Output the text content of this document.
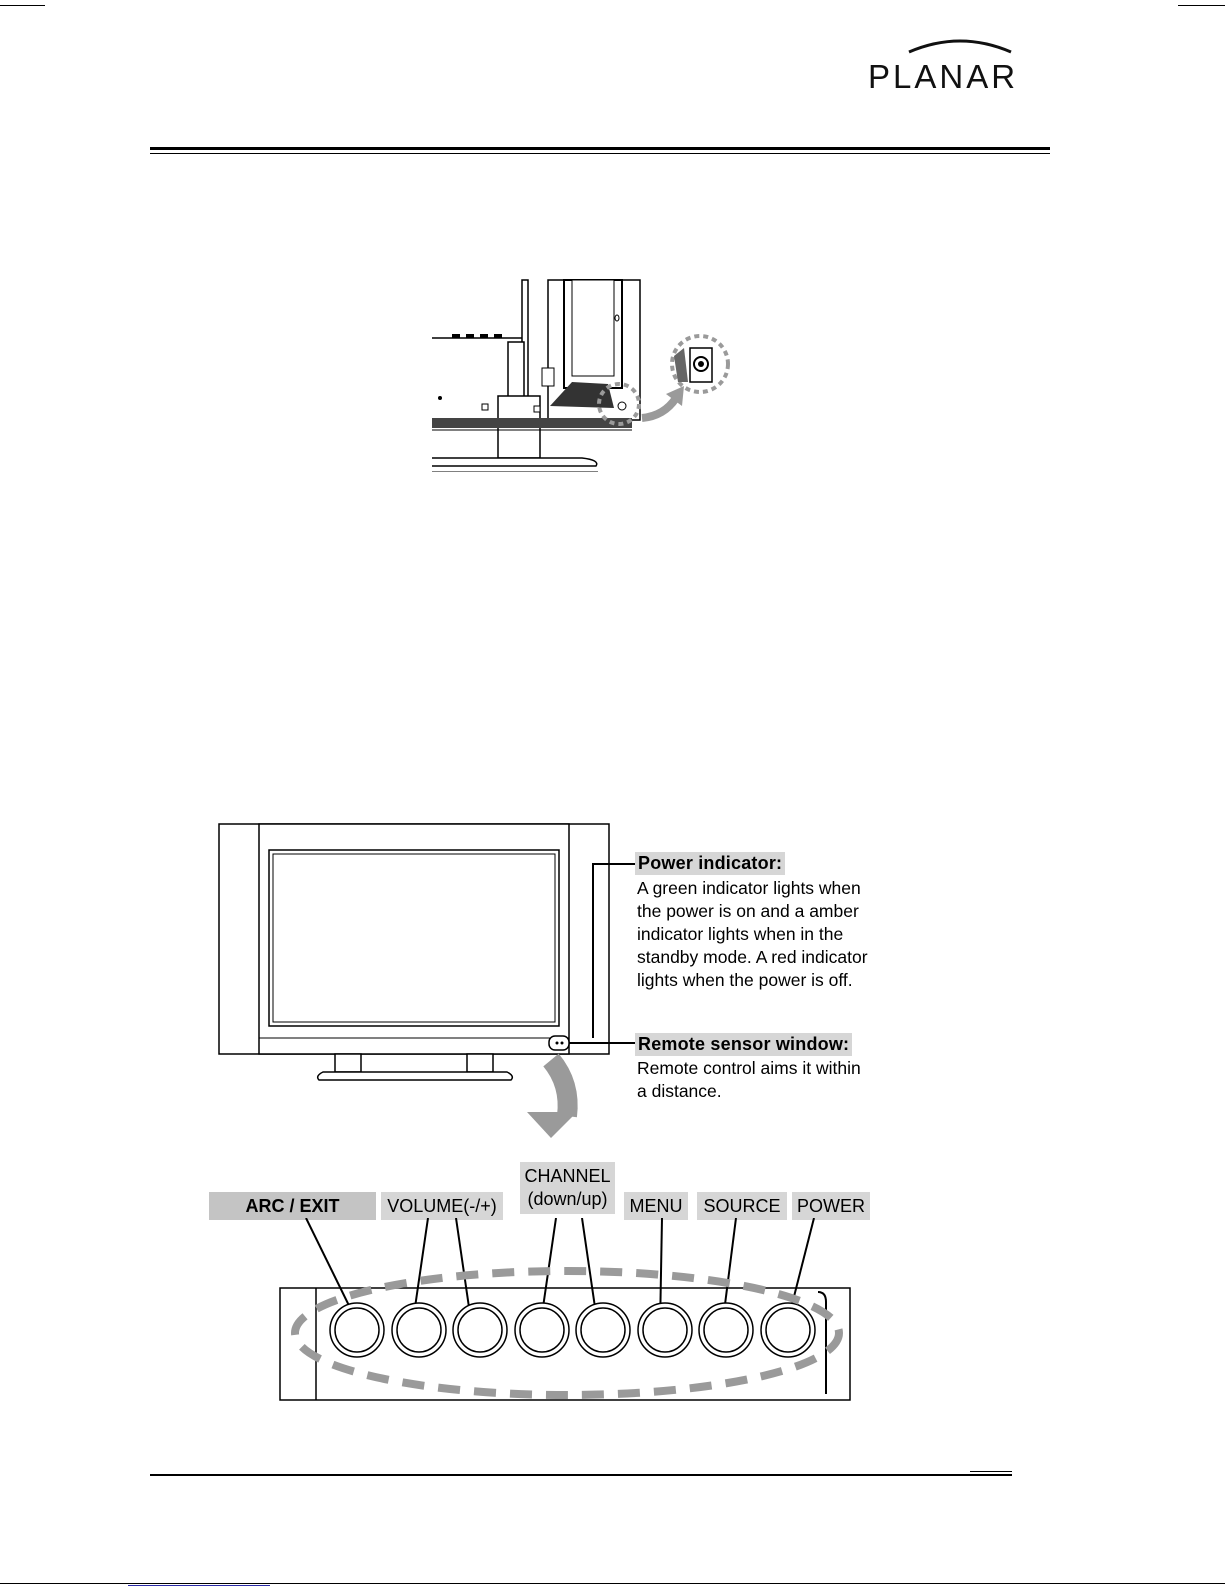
PLANAR
Power indicator:
A green indicator lights when
the power is on and a amber
indicator lights when in the
standby mode. A red indicator
lights when the power is off.
Remote sensor window:
Remote control aims it within
a distance.
ARC / EXIT	VOLUME(-/+)
CHANNEL
(down/up)	MENU	SOURCE POWER
